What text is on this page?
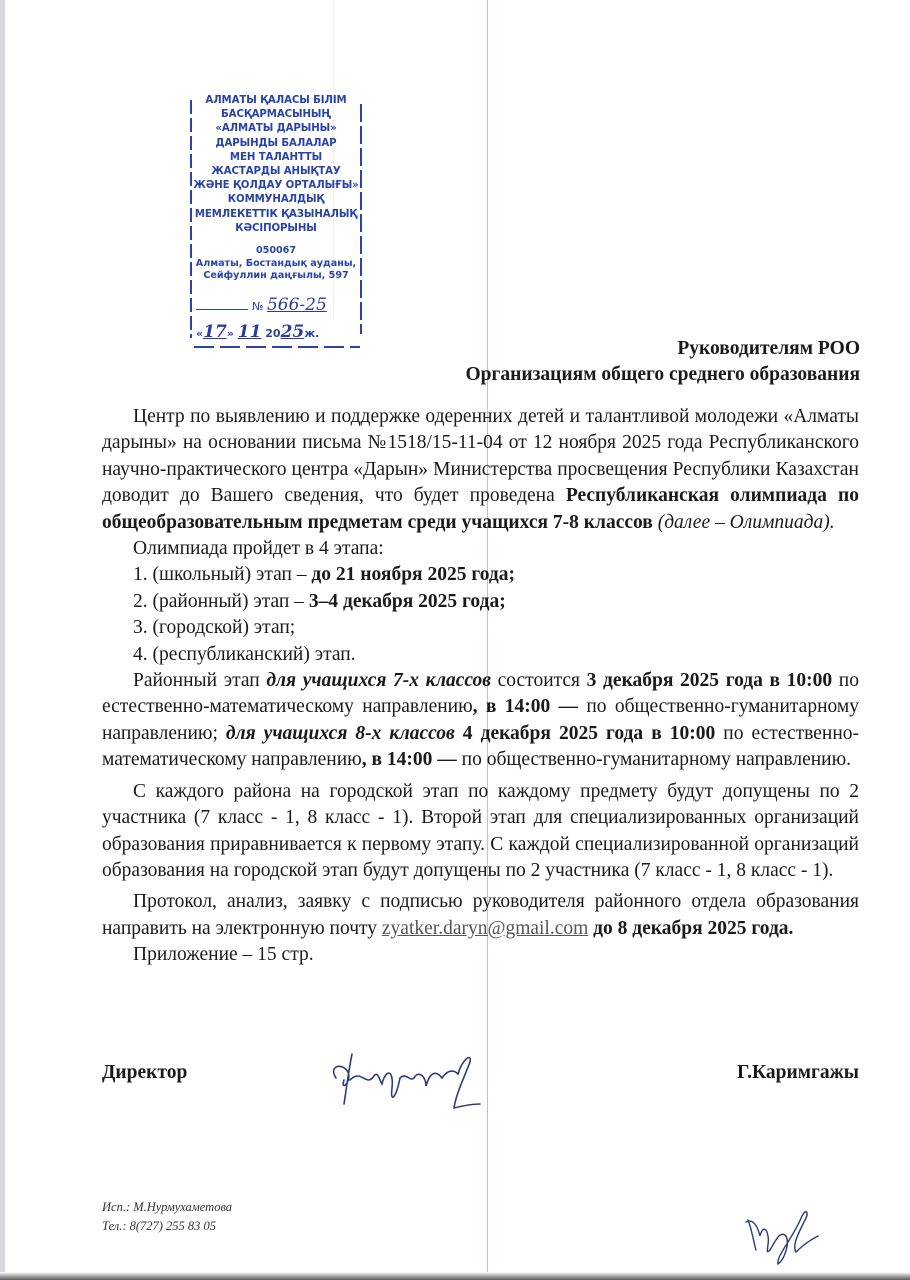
АЛМАТЫ ҚАЛАСЫ БІЛІМ
БАСҚАРМАСЫНЫҢ
«АЛМАТЫ ДАРЫНЫ»
ДАРЫНДЫ БАЛАЛАР
МЕН ТАЛАНТТЫ
ЖАСТАРДЫ АНЫҚТАУ
ЖӘНЕ ҚОЛДАУ ОРТАЛЫҒЫ»
КОММУНАЛДЫҚ
МЕМЛЕКЕТТІК ҚАЗЫНАЛЫҚ
КӘСІПОРЫНЫ
050067
Алматы, Бостандық ауданы,
Сейфуллин даңғылы, 597
№ 566-25
«17» 11 2025ж.
Руководителям РОО
Организациям общего среднего образования

Центр по выявлению и поддержке одеренних детей и талантливой молодежи «Алматы дарыны» на основании письма №1518/15-11-04 от 12 ноября 2025 года Республиканского научно-практического центра «Дарын» Министерства просвещения Республики Казахстан доводит до Вашего сведения, что будет проведена Республиканская олимпиада по общеобразовательным предметам среди учащихся 7-8 классов (далее – Олимпиада).

Олимпиада пройдет в 4 этапа:

1. (школьный) этап – до 21 ноября 2025 года;

2. (районный) этап – 3–4 декабря 2025 года;

3. (городской) этап;

4. (республиканский) этап.

Районный этап для учащихся 7-х классов состоится 3 декабря 2025 года в 10:00 по естественно-математическому направлению, в 14:00 — по общественно-гуманитарному направлению; для учащихся 8-х классов 4 декабря 2025 года в 10:00 по естественно-математическому направлению, в 14:00 — по общественно-гуманитарному направлению.

С каждого района на городской этап по каждому предмету будут допущены по 2 участника (7 класс - 1, 8 класс - 1). Второй этап для специализированных организаций образования приравнивается к первому этапу. С каждой специализированной организаций образования на городской этап будут допущены по 2 участника (7 класс - 1, 8 класс - 1).

Протокол, анализ, заявку с подписью руководителя районного отдела образования направить на электронную почту zyatker.daryn@gmail.com до 8 декабря 2025 года.

Приложение – 15 стр.

Директор	Г.Каримгажы
Исп.: М.Нурмухаметова
Тел.: 8(727) 255 83 05
